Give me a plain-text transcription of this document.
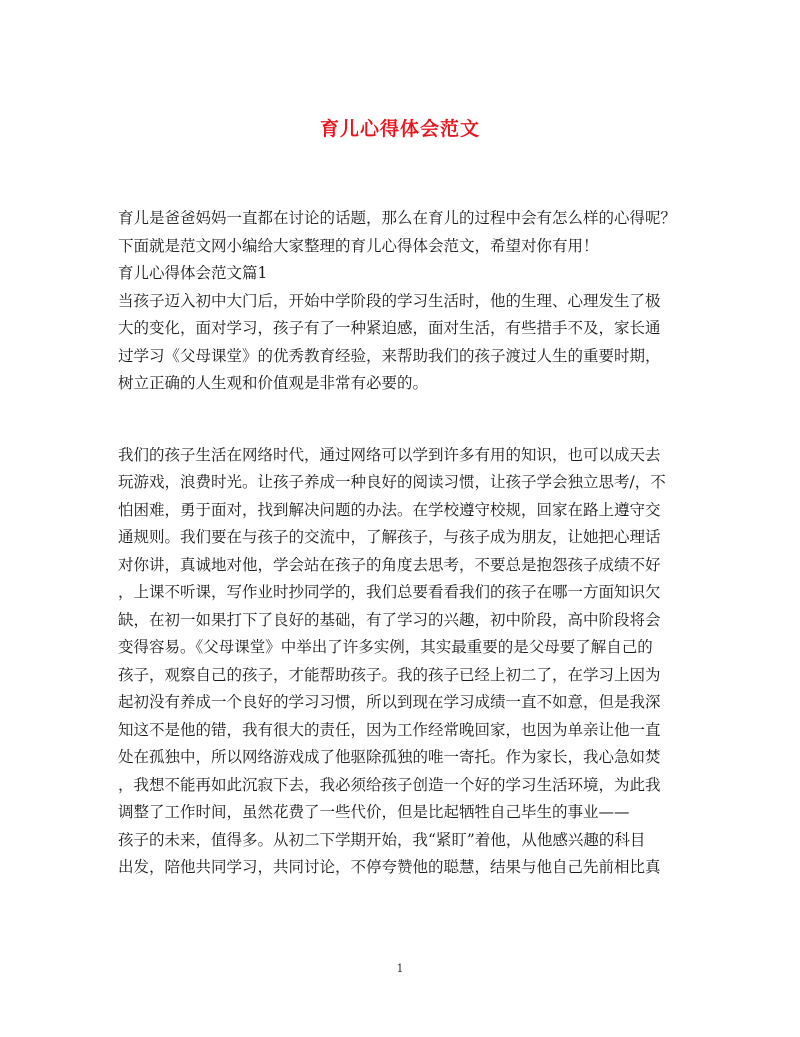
育儿心得体会范文
育儿是爸爸妈妈一直都在讨论的话题，那么在育儿的过程中会有怎么样的心得呢？
下面就是范文网小编给大家整理的育儿心得体会范文，希望对你有用！
育儿心得体会范文篇1
当孩子迈入初中大门后，开始中学阶段的学习生活时，他的生理、心理发生了极
大的变化，面对学习，孩子有了一种紧迫感，面对生活，有些措手不及，家长通
过学习《父母课堂》的优秀教育经验，来帮助我们的孩子渡过人生的重要时期，
树立正确的人生观和价值观是非常有必要的。
我们的孩子生活在网络时代，通过网络可以学到许多有用的知识，也可以成天去
玩游戏，浪费时光。让孩子养成一种良好的阅读习惯，让孩子学会独立思考/，不
怕困难，勇于面对，找到解决问题的办法。在学校遵守校规，回家在路上遵守交
通规则。我们要在与孩子的交流中，了解孩子，与孩子成为朋友，让她把心理话
对你讲，真诚地对他，学会站在孩子的角度去思考，不要总是抱怨孩子成绩不好
，上课不听课，写作业时抄同学的，我们总要看看我们的孩子在哪一方面知识欠
缺，在初一如果打下了良好的基础，有了学习的兴趣，初中阶段，高中阶段将会
变得容易。《父母课堂》中举出了许多实例，其实最重要的是父母要了解自己的
孩子，观察自己的孩子，才能帮助孩子。我的孩子已经上初二了，在学习上因为
起初没有养成一个良好的学习习惯，所以到现在学习成绩一直不如意，但是我深
知这不是他的错，我有很大的责任，因为工作经常晚回家，也因为单亲让他一直
处在孤独中，所以网络游戏成了他驱除孤独的唯一寄托。作为家长，我心急如焚
，我想不能再如此沉寂下去，我必须给孩子创造一个好的学习生活环境，为此我
调整了工作时间，虽然花费了一些代价，但是比起牺牲自己毕生的事业——
孩子的未来，值得多。从初二下学期开始，我“紧盯”着他，从他感兴趣的科目
出发，陪他共同学习，共同讨论，不停夸赞他的聪慧，结果与他自己先前相比真
1
